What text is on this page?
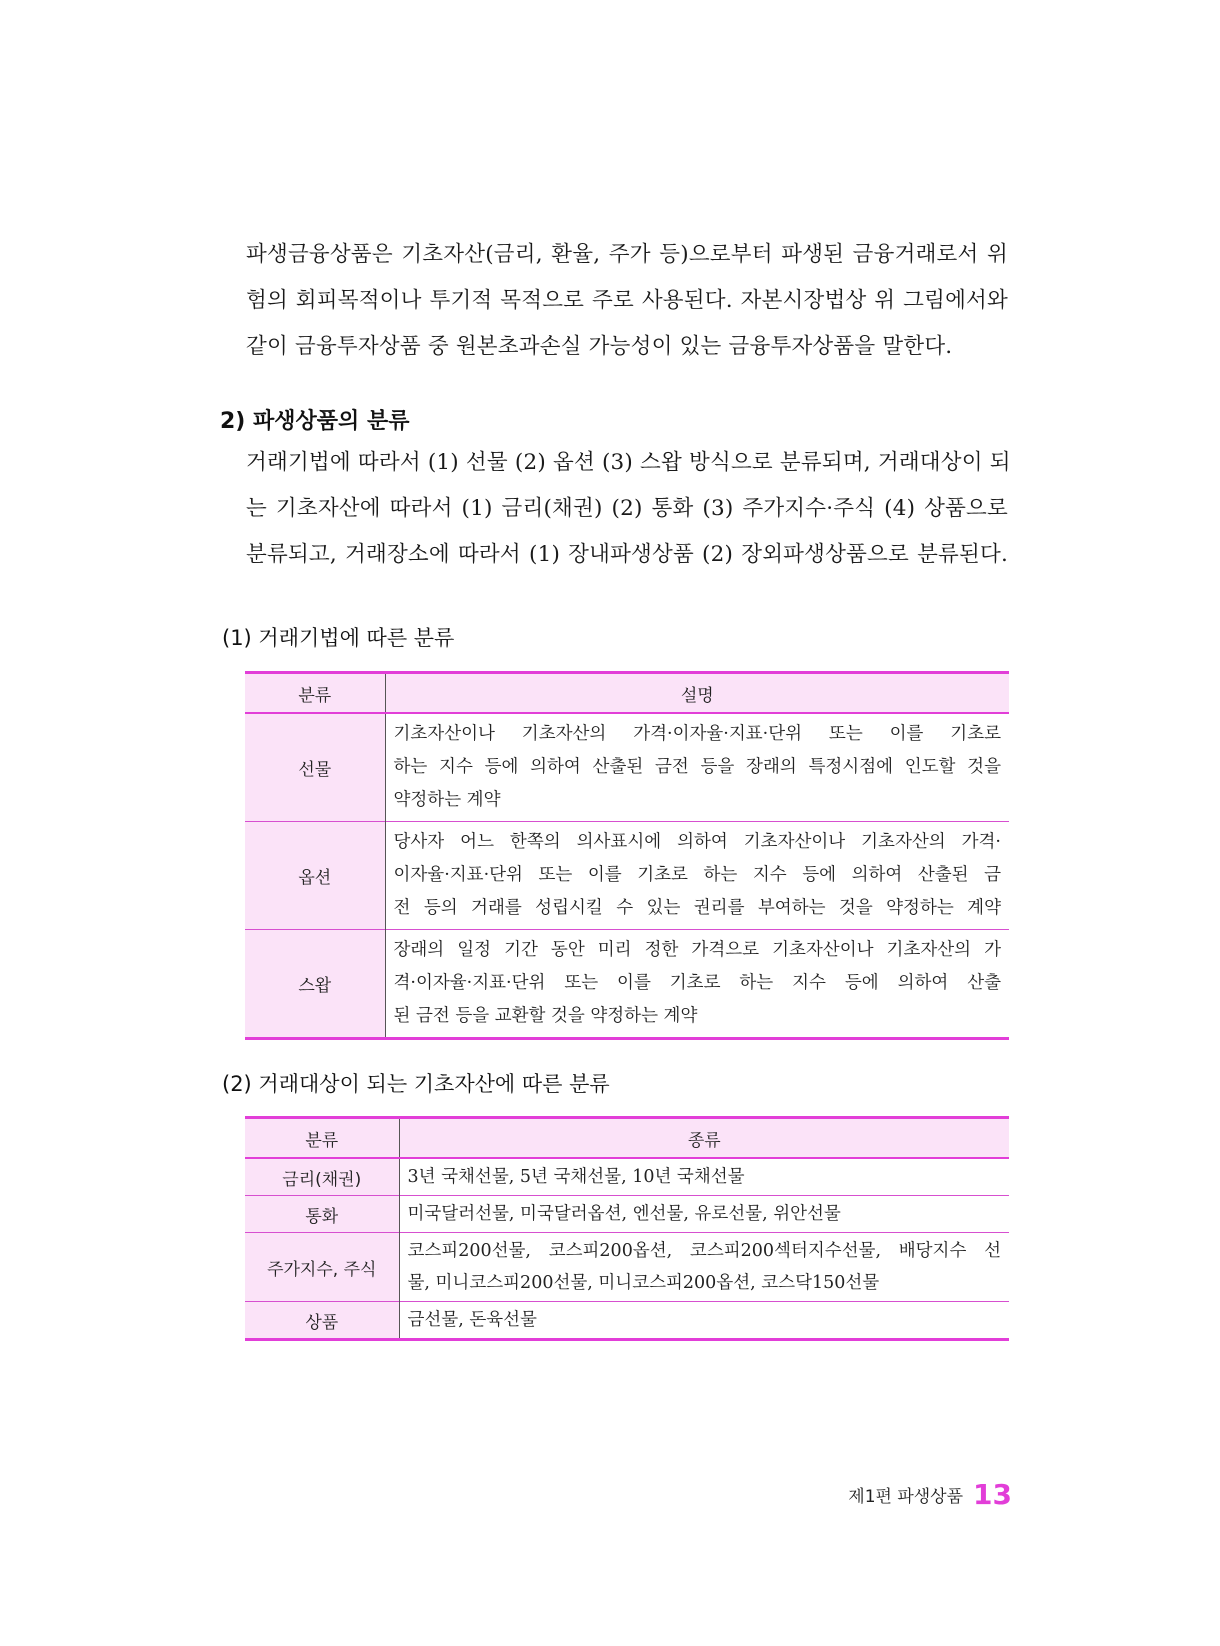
파생금융상품은 기초자산(금리, 환율, 주가 등)으로부터 파생된 금융거래로서 위
험의 회피목적이나 투기적 목적으로 주로 사용된다. 자본시장법상 위 그림에서와
같이 금융투자상품 중 원본초과손실 가능성이 있는 금융투자상품을 말한다.
2) 파생상품의 분류
거래기법에 따라서 (1) 선물 (2) 옵션 (3) 스왑 방식으로 분류되며, 거래대상이 되
는 기초자산에 따라서 (1) 금리(채권) (2) 통화 (3) 주가지수·주식 (4) 상품으로
분류되고, 거래장소에 따라서 (1) 장내파생상품 (2) 장외파생상품으로 분류된다.
(1) 거래기법에 따른 분류
분류	설명
선물	기초자산이나 기초자산의 가격·이자율·지표·단위 또는 이를 기초로
하는 지수 등에 의하여 산출된 금전 등을 장래의 특정시점에 인도할 것을
약정하는 계약

옵션	당사자 어느 한쪽의 의사표시에 의하여 기초자산이나 기초자산의 가격·
이자율·지표·단위 또는 이를 기초로 하는 지수 등에 의하여 산출된 금
전 등의 거래를 성립시킬 수 있는 권리를 부여하는 것을 약정하는 계약

스왑	장래의 일정 기간 동안 미리 정한 가격으로 기초자산이나 기초자산의 가
격·이자율·지표·단위 또는 이를 기초로 하는 지수 등에 의하여 산출
된 금전 등을 교환할 것을 약정하는 계약
(2) 거래대상이 되는 기초자산에 따른 분류
분류	종류
금리(채권)	3년 국채선물, 5년 국채선물, 10년 국채선물

통화	미국달러선물, 미국달러옵션, 엔선물, 유로선물, 위안선물

주가지수, 주식	코스피200선물, 코스피200옵션, 코스피200섹터지수선물, 배당지수 선
물, 미니코스피200선물, 미니코스피200옵션, 코스닥150선물

상품	금선물, 돈육선물
제1편 파생상품 13
